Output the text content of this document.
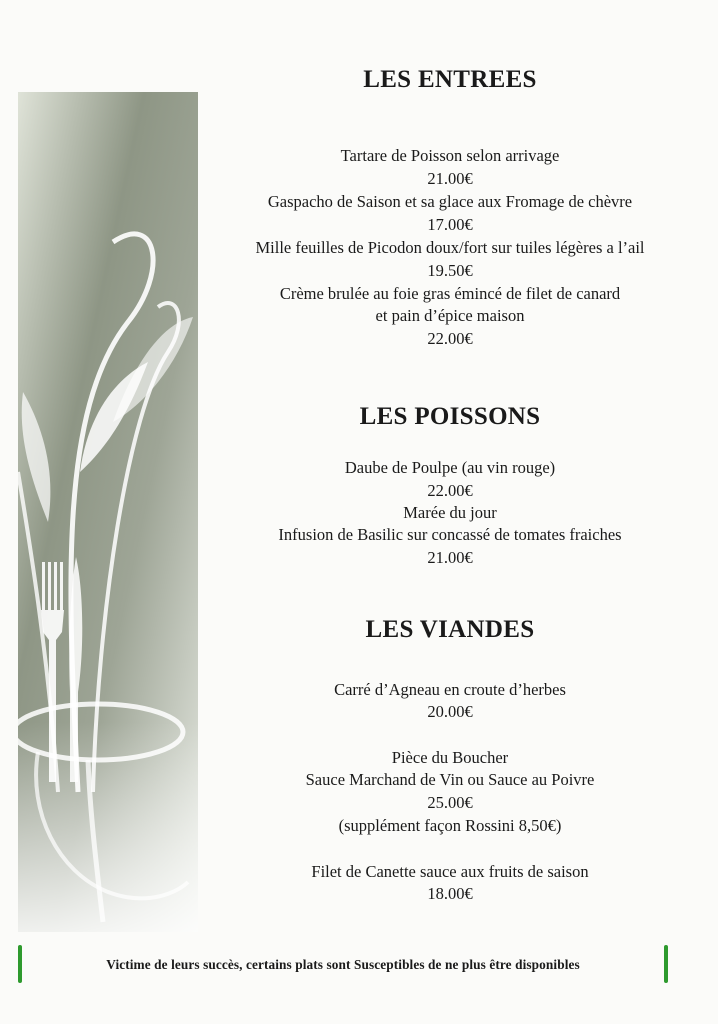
LES ENTREES
Tartare de Poisson selon arrivage
21.00€
Gaspacho de Saison et sa glace aux Fromage de chèvre
17.00€
Mille feuilles de Picodon doux/fort sur tuiles légères a l’ail
19.50€
Crème brulée au foie gras émincé de filet de canard
et pain d’épice maison
22.00€
LES POISSONS
Daube de Poulpe (au vin rouge)
22.00€
Marée du jour
Infusion de Basilic sur concassé de tomates fraiches
21.00€
LES VIANDES
Carré d’Agneau en croute d’herbes
20.00€
Pièce du Boucher
Sauce Marchand de Vin ou Sauce au Poivre
25.00€
(supplément façon Rossini 8,50€)
Filet de Canette sauce aux fruits de saison
18.00€
Victime de leurs succès, certains plats sont Susceptibles de ne plus être disponibles
